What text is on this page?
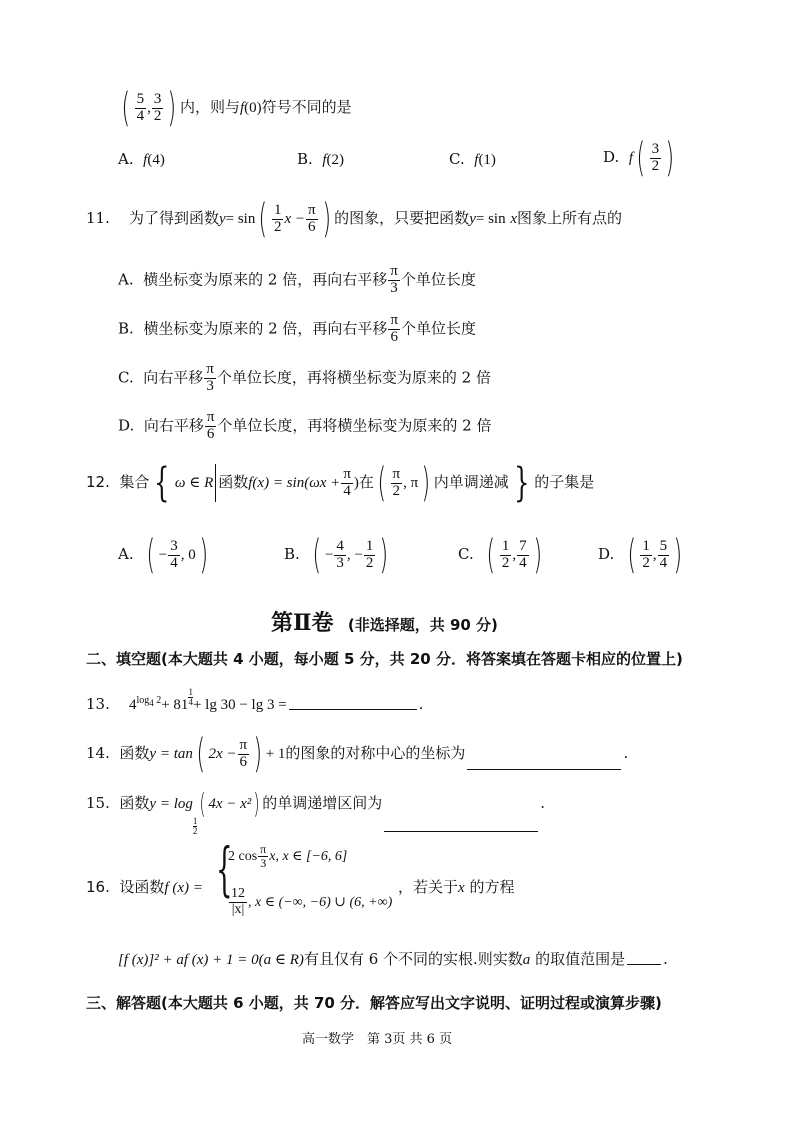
( $\frac{5}{4}$ , $\frac{3}{2}$ ) 内，则与f(0)符号不同的是
A. f(4)	B. f(2)	C. f(1)	D. $f( \frac{3}{2}$ )
11. 为了得到函数$y= \sin( \frac{1}{2}$ $x - \frac{\pi}{6}$ ) 的图象，只要把函数y= sin x图象上所有点的
A. 横坐标变为原来的 2 倍，再向右平移 $\frac{\pi}{3}$ 个单位长度
B. 横坐标变为原来的 2 倍，再向右平移 $\frac{\pi}{6}$ 个单位长度
C. 向右平移 $\frac{\pi}{3}$ 个单位长度，再将横坐标变为原来的 2 倍
D. 向右平移 $\frac{\pi}{6}$ 个单位长度，再将横坐标变为原来的 2 倍
12. 集合 { ω ∈ R 函数$f(x) = \sin(\omega x + \frac{\pi}{4}$ )在( $\frac{\pi}{2}$ , π) 内单调递减 } 的子集是
A. ( − $\frac{3}{4}$ , 0)	B. ( − $\frac{4}{3}$ , − $\frac{1}{2}$ )	C. ( $\frac{1}{2}$ , $\frac{7}{4}$ )	D. ( $\frac{1}{2}$ , $\frac{5}{4}$ )
第Ⅱ卷 (非选择题，共 90 分)
二、填空题(本大题共 4 小题，每小题 5 分，共 20 分．将答案填在答题卡相应的位置上)
13. $4^{log4 2}+ 81 \frac{1}{4} + \lg 30 - \lg 3$ =	.
14. 函数y = tan( $2x - \frac{\pi}{6}$ ) + 1的图象的对称中心的坐标为	.
15. 函数y = log
$\frac{1}{2}$
( 4x − x²) 的单调递增区间为	.
16. 设函数f (x) = {
2 $\cos \frac{\pi}{3} x$, x ∈ [−6, 6]
$\frac{12}{|x|}$ , x ∈ (−∞, −6) ∪ (6, +∞)
，若关于x 的方程
[f (x)]² + af (x) + 1 = 0(a ∈ R)有且仅有 6 个不同的实根.则实数a 的取值范围是	.
三、解答题(本大题共 6 小题，共 70 分．解答应写出文字说明、证明过程或演算步骤)
高一数学　第 3页 共 6 页
